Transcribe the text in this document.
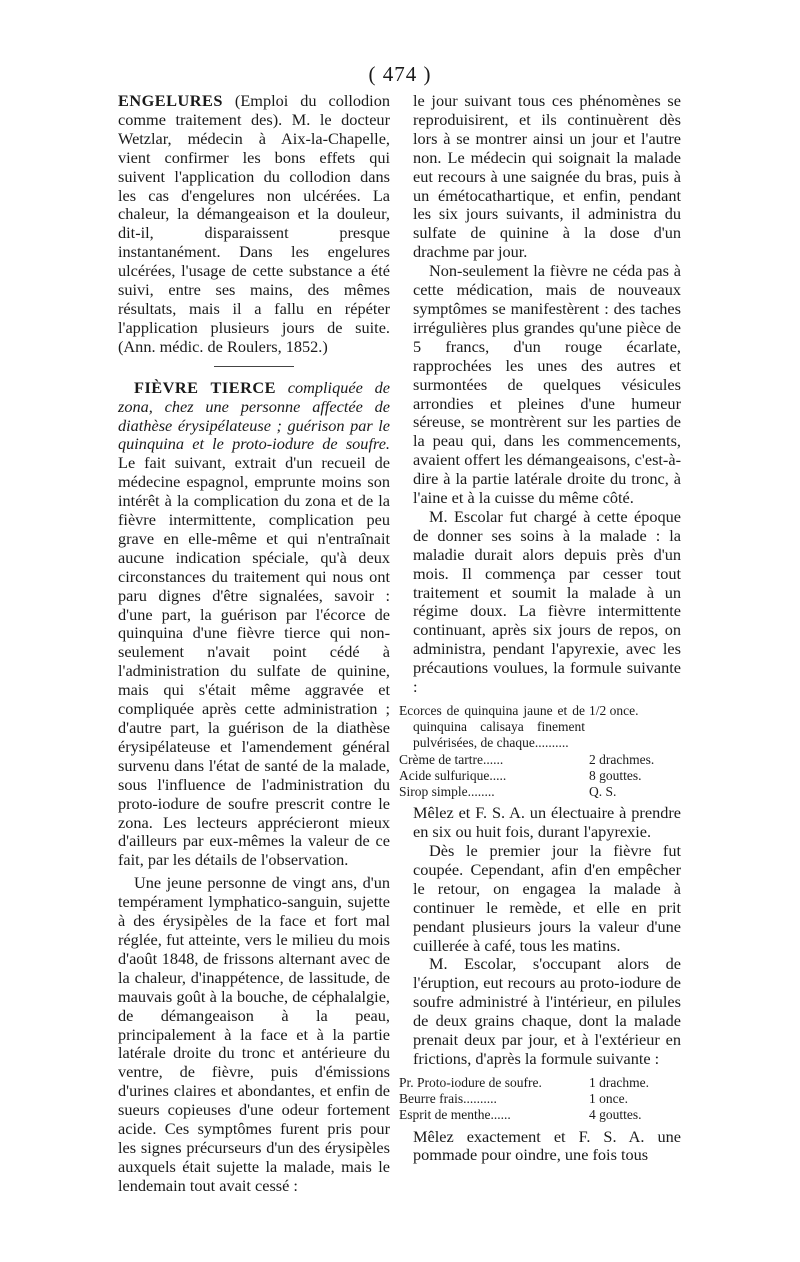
( 474 )

ENGELURES (Emploi du collodion comme traitement des). M. le docteur Wetzlar, médecin à Aix-la-Chapelle, vient confirmer les bons effets qui suivent l'application du collodion dans les cas d'engelures non ulcérées. La chaleur, la démangeaison et la douleur, dit-il, disparaissent presque instantanément. Dans les engelures ulcérées, l'usage de cette substance a été suivi, entre ses mains, des mêmes résultats, mais il a fallu en répéter l'application plusieurs jours de suite. (Ann. médic. de Roulers, 1852.)

FIÈVRE TIERCE compliquée de zona, chez une personne affectée de diathèse érysipélateuse ; guérison par le quinquina et le proto-iodure de soufre. Le fait suivant, extrait d'un recueil de médecine espagnol, emprunte moins son intérêt à la complication du zona et de la fièvre intermittente, complication peu grave en elle-même et qui n'entraînait aucune indication spéciale, qu'à deux circonstances du traitement qui nous ont paru dignes d'être signalées, savoir : d'une part, la guérison par l'écorce de quinquina d'une fièvre tierce qui non-seulement n'avait point cédé à l'administration du sulfate de quinine, mais qui s'était même aggravée et compliquée après cette administration ; d'autre part, la guérison de la diathèse érysipélateuse et l'amendement général survenu dans l'état de santé de la malade, sous l'influence de l'administration du proto-iodure de soufre prescrit contre le zona. Les lecteurs apprécieront mieux d'ailleurs par eux-mêmes la valeur de ce fait, par les détails de l'observation.

Une jeune personne de vingt ans, d'un tempérament lymphatico-sanguin, sujette à des érysipèles de la face et fort mal réglée, fut atteinte, vers le milieu du mois d'août 1848, de frissons alternant avec de la chaleur, d'inappétence, de lassitude, de mauvais goût à la bouche, de céphalalgie, de démangeaison à la peau, principalement à la face et à la partie latérale droite du tronc et antérieure du ventre, de fièvre, puis d'émissions d'urines claires et abondantes, et enfin de sueurs copieuses d'une odeur fortement acide. Ces symptômes furent pris pour les signes précurseurs d'un des érysipèles auxquels était sujette la malade, mais le lendemain tout avait cessé :

le jour suivant tous ces phénomènes se reproduisirent, et ils continuèrent dès lors à se montrer ainsi un jour et l'autre non. Le médecin qui soignait la malade eut recours à une saignée du bras, puis à un émétocathartique, et enfin, pendant les six jours suivants, il administra du sulfate de quinine à la dose d'un drachme par jour.

Non-seulement la fièvre ne céda pas à cette médication, mais de nouveaux symptômes se manifestèrent : des taches irrégulières plus grandes qu'une pièce de 5 francs, d'un rouge écarlate, rapprochées les unes des autres et surmontées de quelques vésicules arrondies et pleines d'une humeur séreuse, se montrèrent sur les parties de la peau qui, dans les commencements, avaient offert les démangeaisons, c'est-à-dire à la partie latérale droite du tronc, à l'aine et à la cuisse du même côté.

M. Escolar fut chargé à cette époque de donner ses soins à la malade : la maladie durait alors depuis près d'un mois. Il commença par cesser tout traitement et soumit la malade à un régime doux. La fièvre intermittente continuant, après six jours de repos, on administra, pendant l'apyrexie, avec les précautions voulues, la formule suivante :

Ecorces de quinquina jaune et de quinquina calisaya finement pulvérisées, de chaque..........	1/2 once.
Crème de tartre......	2 drachmes.
Acide sulfurique.....	8 gouttes.
Sirop simple........	Q. S.

Mêlez et F. S. A. un électuaire à prendre en six ou huit fois, durant l'apyrexie.

Dès le premier jour la fièvre fut coupée. Cependant, afin d'en empêcher le retour, on engagea la malade à continuer le remède, et elle en prit pendant plusieurs jours la valeur d'une cuillerée à café, tous les matins.

M. Escolar, s'occupant alors de l'éruption, eut recours au proto-iodure de soufre administré à l'intérieur, en pilules de deux grains chaque, dont la malade prenait deux par jour, et à l'extérieur en frictions, d'après la formule suivante :

Pr. Proto-iodure de soufre.	1 drachme.
Beurre frais..........	1 once.
Esprit de menthe......	4 gouttes.

Mêlez exactement et F. S. A. une pommade pour oindre, une fois tous
